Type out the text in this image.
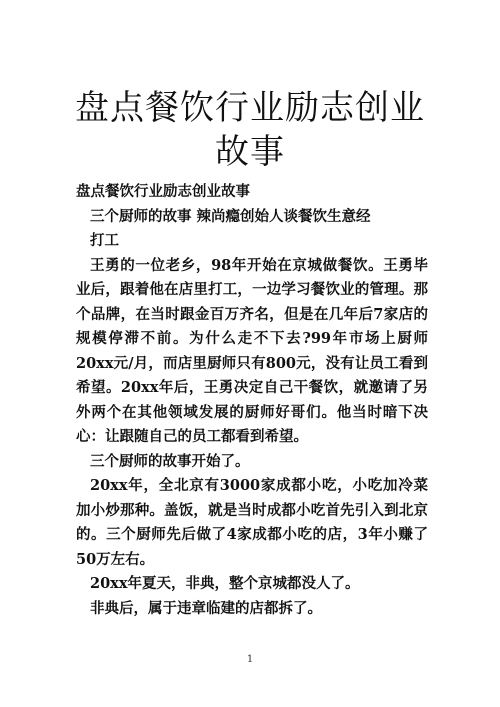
盘点餐饮行业励志创业故事

盘点餐饮行业励志创业故事

三个厨师的故事 辣尚瘾创始人谈餐饮生意经

打工

王勇的一位老乡，98年开始在京城做餐饮。王勇毕业后，跟着他在店里打工，一边学习餐饮业的管理。那个品牌，在当时跟金百万齐名，但是在几年后7家店的规模停滞不前。为什么走不下去?99年市场上厨师20xx元/月，而店里厨师只有800元，没有让员工看到希望。20xx年后，王勇决定自己干餐饮，就邀请了另外两个在其他领域发展的厨师好哥们。他当时暗下决心：让跟随自己的员工都看到希望。

三个厨师的故事开始了。

20xx年，全北京有3000家成都小吃，小吃加冷菜加小炒那种。盖饭，就是当时成都小吃首先引入到北京的。三个厨师先后做了4家成都小吃的店，3年小赚了50万左右。

20xx年夏天，非典，整个京城都没人了。

非典后，属于违章临建的店都拆了。

1
